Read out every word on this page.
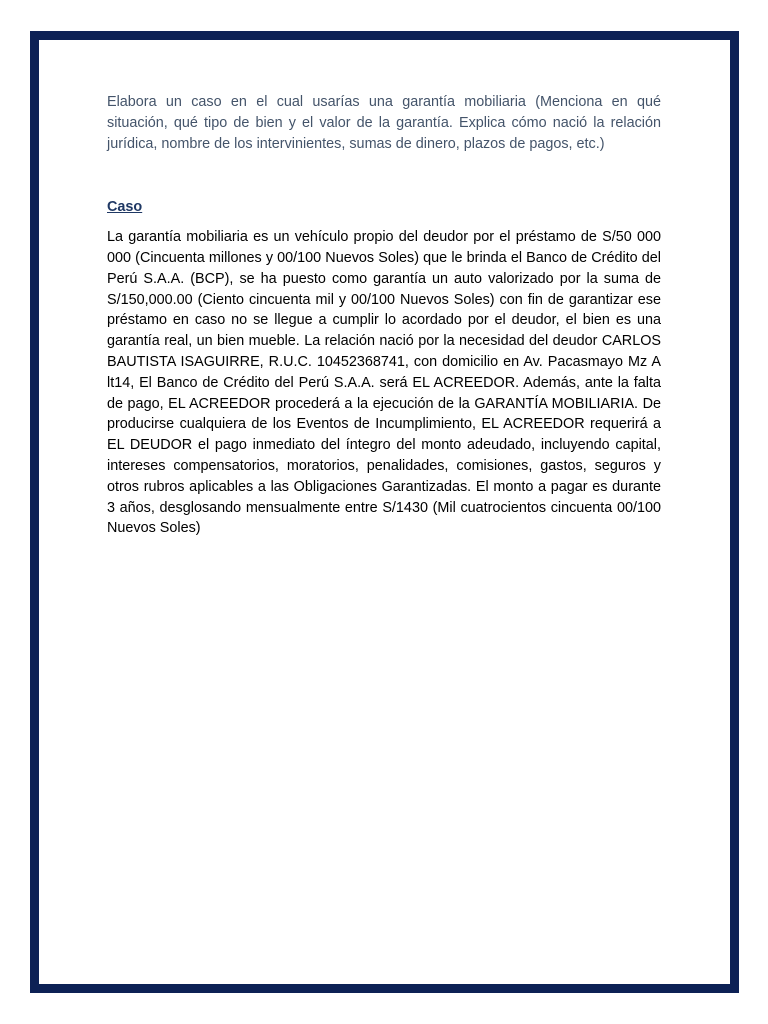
Elabora un caso en el cual usarías una garantía mobiliaria (Menciona en qué situación, qué tipo de bien y el valor de la garantía. Explica cómo nació la relación jurídica, nombre de los intervinientes, sumas de dinero, plazos de pagos, etc.)

Caso

La garantía mobiliaria es un vehículo propio del deudor por el préstamo de S/50 000 000 (Cincuenta millones y 00/100 Nuevos Soles) que le brinda el Banco de Crédito del Perú S.A.A. (BCP), se ha puesto como garantía un auto valorizado por la suma de S/150,000.00 (Ciento cincuenta mil y 00/100 Nuevos Soles) con fin de garantizar ese préstamo en caso no se llegue a cumplir lo acordado por el deudor, el bien es una garantía real, un bien mueble. La relación nació por la necesidad del deudor CARLOS BAUTISTA ISAGUIRRE, R.U.C. 10452368741, con domicilio en Av. Pacasmayo Mz A lt14, El Banco de Crédito del Perú S.A.A. será EL ACREEDOR. Además, ante la falta de pago, EL ACREEDOR procederá a la ejecución de la GARANTÍA MOBILIARIA. De producirse cualquiera de los Eventos de Incumplimiento, EL ACREEDOR requerirá a EL DEUDOR el pago inmediato del íntegro del monto adeudado, incluyendo capital, intereses compensatorios, moratorios, penalidades, comisiones, gastos, seguros y otros rubros aplicables a las Obligaciones Garantizadas. El monto a pagar es durante 3 años, desglosando mensualmente entre S/1430 (Mil cuatrocientos cincuenta 00/100 Nuevos Soles)
